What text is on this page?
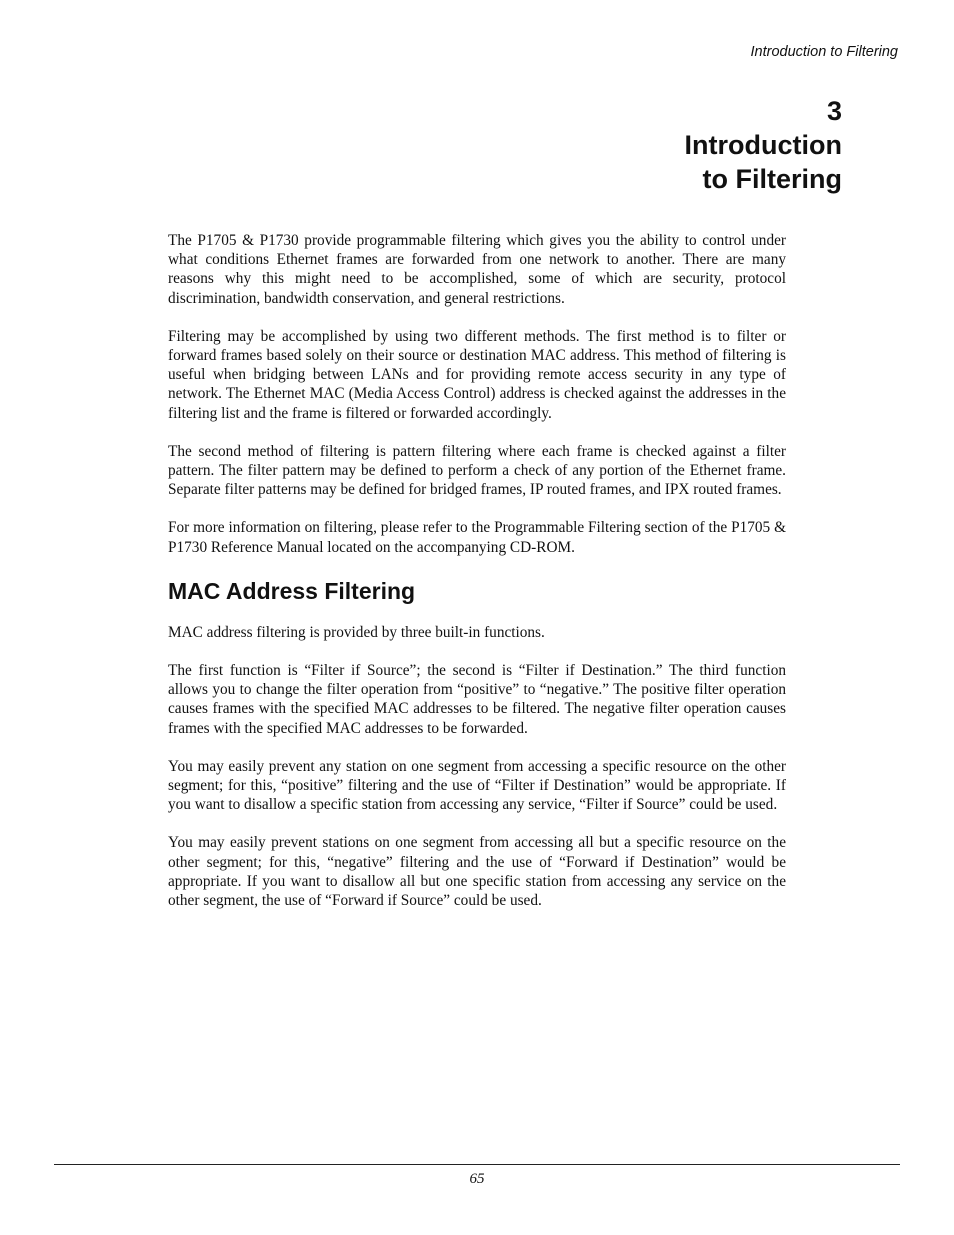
Introduction to Filtering
3
Introduction
to Filtering

The P1705 & P1730 provide programmable filtering which gives you the ability to control under what conditions Ethernet frames are forwarded from one network to another. There are many reasons why this might need to be accomplished, some of which are security, protocol discrimination, bandwidth conservation, and general restrictions.

Filtering may be accomplished by using two different methods. The first method is to filter or forward frames based solely on their source or destination MAC address. This method of filtering is useful when bridging between LANs and for providing remote access security in any type of network. The Ethernet MAC (Media Access Control) address is checked against the addresses in the filtering list and the frame is filtered or forwarded accordingly.

The second method of filtering is pattern filtering where each frame is checked against a filter pattern. The filter pattern may be defined to perform a check of any portion of the Ethernet frame. Separate filter patterns may be defined for bridged frames, IP routed frames, and IPX routed frames.

For more information on filtering, please refer to the Programmable Filtering section of the P1705 & P1730 Reference Manual located on the accompanying CD-ROM.

MAC Address Filtering

MAC address filtering is provided by three built-in functions.

The first function is “Filter if Source”; the second is “Filter if Destination.” The third function allows you to change the filter operation from “positive” to “negative.” The positive filter operation causes frames with the specified MAC addresses to be filtered. The negative filter operation causes frames with the specified MAC addresses to be forwarded.

You may easily prevent any station on one segment from accessing a specific resource on the other segment; for this, “positive” filtering and the use of “Filter if Destination” would be appropriate. If you want to disallow a specific station from accessing any service, “Filter if Source” could be used.

You may easily prevent stations on one segment from accessing all but a specific resource on the other segment; for this, “negative” filtering and the use of “Forward if Destination” would be appropriate. If you want to disallow all but one specific station from accessing any service on the other segment, the use of “Forward if Source” could be used.

65
